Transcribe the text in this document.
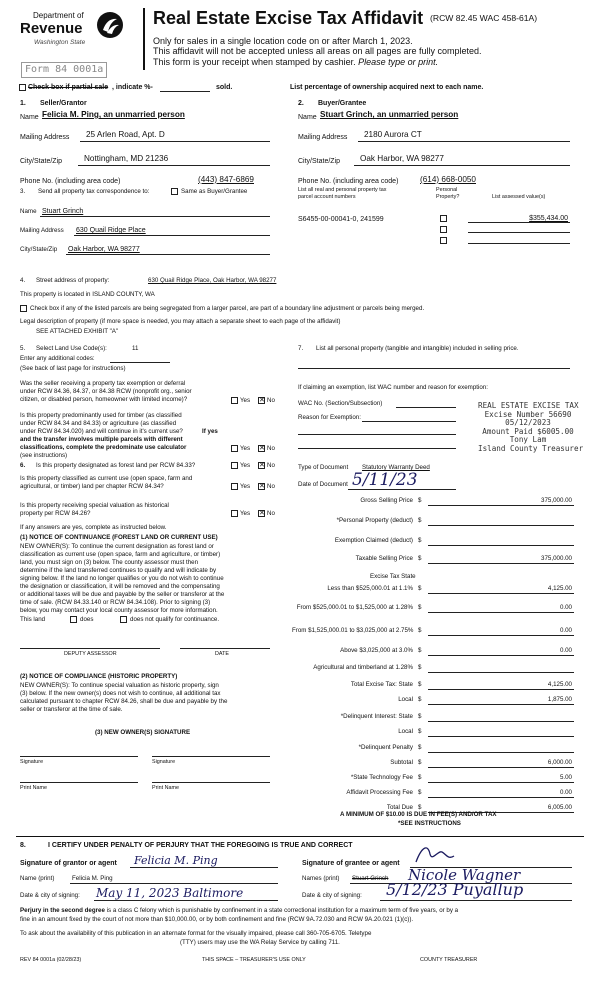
Department of
Revenue
Washington State
Real Estate Excise Tax Affidavit (RCW 82.45 WAC 458-61A)
Only for sales in a single location code on or after March 1, 2023.
This affidavit will not be accepted unless all areas on all pages are fully completed.
This form is your receipt when stamped by cashier. Please type or print.
Form 84 0001a
Check box if partial sale , indicate %-	sold.	List percentage of ownership acquired next to each name.
1. Seller/Grantor
Name Felicia M. Ping, an unmarried person
Mailing Address 25 Arlen Road, Apt. D
City/State/Zip	Nottingham, MD 21236
Phone No. (including area code)	(443) 847-6869
3. Send all property tax correspondence to:	Same as Buyer/Grantee
Name Stuart Grinch
Mailing Address 630 Quail Ridge Place
City/State/Zip Oak Harbor, WA 98277
2. Buyer/Grantee
Name Stuart Grinch, an unmarried person
Mailing Address 2180 Aurora CT
City/State/Zip Oak Harbor, WA 98277
Phone No. (including area code)	(614) 668-0050
List all real and personal property tax
parcel account numbers
Personal
Property?	List assessed value(s)
S6455-00-00041-0, 241599	$355,434.00
4. Street address of property:	630 Quail Ridge Place, Oak Harbor, WA 98277
This property is located in ISLAND COUNTY, WA
Check box if any of the listed parcels are being segregated from a larger parcel, are part of a boundary line adjustment or parcels being merged.
Legal description of property (if more space is needed, you may attach a separate sheet to each page of the affidavit)
SEE ATTACHED EXHIBIT "A"
5. Select Land Use Code(s):	11
Enter any additional codes:
(See back of last page for instructions)
Was the seller receiving a property tax exemption or deferral
under RCW 84.36, 84.37, or 84.38 RCW (nonprofit org., senior
citizen, or disabled person, homeowner with limited income)?	Yes ✕ No
Is this property predominantly used for timber (as classified
under RCW 84.34 and 84.33) or agriculture (as classified
under RCW 84.34.020) and will continue in it's current use?	If yes
and the transfer involves multiple parcels with different
classifications, complete the predominate use calculator
(see instructions)
Yes ✕ No
6. Is this property designated as forest land per RCW 84.33?	Yes ✕ No
Is this property classified as current use (open space, farm and
agricultural, or timber) land per chapter RCW 84.34?	Yes ✕ No
Is this property receiving special valuation as historical
property per RCW 84.26?	Yes ✕ No
If any answers are yes, complete as instructed below.
(1) NOTICE OF CONTINUANCE (FOREST LAND OR CURRENT USE)
NEW OWNER(S): To continue the current designation as forest land or
classification as current use (open space, farm and agriculture, or timber)
land, you must sign on (3) below. The county assessor must then
determine if the land transferred continues to qualify and will indicate by
signing below. If the land no longer qualifies or you do not wish to continue
the designation or classification, it will be removed and the compensating
or additional taxes will be due and payable by the seller or transferor at the
time of sale. (RCW 84.33.140 or RCW 84.34.108). Prior to signing (3)
below, you may contact your local county assessor for more information.
This land	does	does not qualify for continuance.
DEPUTY ASSESSOR	DATE
(2) NOTICE OF COMPLIANCE (HISTORIC PROPERTY)
NEW OWNER(S): To continue special valuation as historic property, sign
(3) below. If the new owner(s) does not wish to continue, all additional tax
calculated pursuant to chapter RCW 84.26, shall be due and payable by the
seller or transferor at the time of sale.
(3) NEW OWNER(S) SIGNATURE
Signature	Signature
Print Name	Print Name
7. List all personal property (tangible and intangible) included in selling price.
If claiming an exemption, list WAC number and reason for exemption:
WAC No. (Section/Subsection)
Reason for Exemption:
REAL ESTATE EXCISE TAX
Excise Number 56690
05/12/2023
Amount Paid $6005.00
Tony Lam
Island County Treasurer
Type of Document Statutory Warranty Deed
Date of Document 5/11/23
Gross Selling Price $	375,000.00
*Personal Property (deduct) $
Exemption Claimed (deduct) $
Taxable Selling Price $	375,000.00
Less than $525,000.01 at 1.1% $	4,125.00
From $525,000.01 to $1,525,000 at 1.28% $	0.00
From $1,525,000.01 to $3,025,000 at 2.75% $	0.00
Above $3,025,000 at 3.0% $	0.00
Agricultural and timberland at 1.28% $
Total Excise Tax: State $	4,125.00
Local $	1,875.00
*Delinquent Interest: State $
Local $
*Delinquent Penalty $
Subtotal $	6,000.00
*State Technology Fee $	5.00
Affidavit Processing Fee $	0.00
Total Due $	6,005.00
Excise Tax State
A MINIMUM OF $10.00 IS DUE IN FEE(S) AND/OR TAX
*SEE INSTRUCTIONS
8.	I CERTIFY UNDER PENALTY OF PERJURY THAT THE FOREGOING IS TRUE AND CORRECT
Signature of grantor or agent Felicia M. Ping	Signature of grantee or agent
Name (print)	Felicia M. Ping	Names (print) Stuart Grinch Nicole Wagner
Date & city of signing: May 11, 2023 Baltimore	Date & city of signing: 5/12/23 Puyallup
Perjury in the second degree is a class C felony which is punishable by confinement in a state correctional institution for a maximum term of five years, or by a
fine in an amount fixed by the court of not more than $10,000.00, or by both confinement and fine (RCW 9A.72.030 and RCW 9A.20.021 (1)(c)).
To ask about the availability of this publication in an alternate format for the visually impaired, please call 360-705-6705. Teletype
(TTY) users may use the WA Relay Service by calling 711.
REV 84 0001a (02/28/23)	THIS SPACE – TREASURER'S USE ONLY	COUNTY TREASURER
